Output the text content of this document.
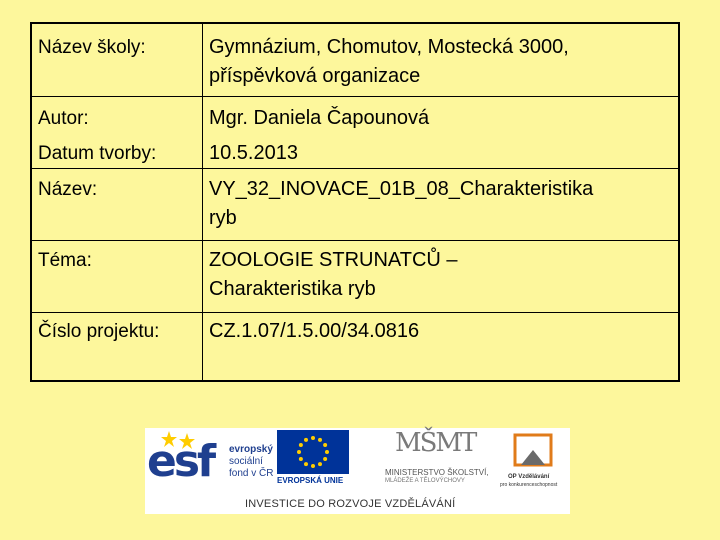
Název školy:	Gymnázium, Chomutov, Mostecká 3000,
příspěvková organizace
Autor:	Mgr. Daniela Čapounová
Datum tvorby:	10.5.2013
Název:	VY_32_INOVACE_01B_08_Charakteristika
ryb
Téma:	ZOOLOGIE STRUNATCŮ –
Charakteristika ryb
Číslo projektu: CZ.1.07/1.5.00/34.0816
esf evropský
sociální
fond v ČR
EVROPSKÁ UNIE
MŠMT
MINISTERSTVO ŠKOLSTVÍ,
MLÁDEŽE A TĚLOVÝCHOVY
OP Vzdělávání
pro konkurenceschopnost
INVESTICE DO ROZVOJE VZDĚLÁVÁNÍ
